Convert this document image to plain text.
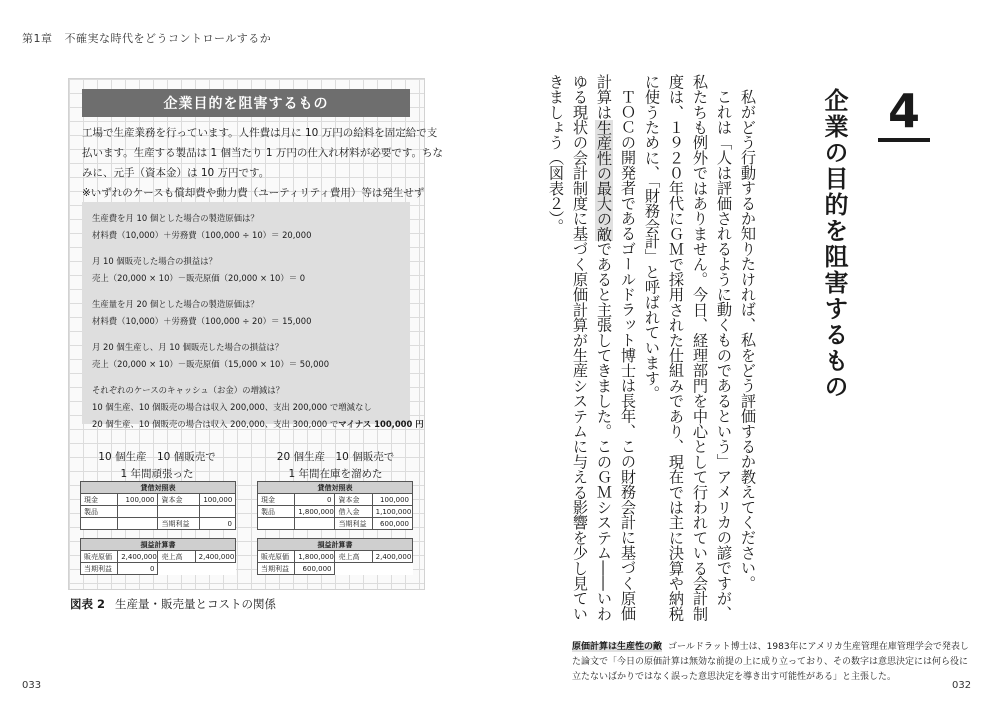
第1章 不確実な時代をどうコントロールするか
企業目的を阻害するもの
工場で生産業務を行っています。人件費は月に 10 万円の給料を固定給で支
払います。生産する製品は 1 個当たり 1 万円の仕入れ材料が必要です。ちな
みに、元手（資本金）は 10 万円です。
※いずれのケースも償却費や動力費（ユーティリティ費用）等は発生せず
生産費を月 10 個とした場合の製造原価は？
材料費（10,000）＋労務費（100,000 ÷ 10）＝ 20,000
月 10 個販売した場合の損益は？
売上（20,000 × 10）－販売原価（20,000 × 10）＝ 0
生産量を月 20 個とした場合の製造原価は？
材料費（10,000）＋労務費（100,000 ÷ 20）＝ 15,000
月 20 個生産し、月 10 個販売した場合の損益は？
売上（20,000 × 10）－販売原価（15,000 × 10）＝ 50,000
それぞれのケースのキャッシュ（お金）の増減は？
10 個生産、10 個販売の場合は収入 200,000、支出 200,000 で増減なし
20 個生産、10 個販売の場合は収入 200,000、支出 300,000 でマイナス 100,000 円
10 個生産　10 個販売で
1 年間頑張った
20 個生産　10 個販売で
1 年間在庫を溜めた
貸借対照表			
現金	100,000	資本金	100,000
製品			
		当期利益	0
損益計算書			
販売原価	2,400,000	売上高	2,400,000
当期利益	0		
貸借対照表			
現金	0	資本金	100,000
製品	1,800,000	借入金	1,100,000
		当期利益	600,000
損益計算書			
販売原価	1,800,000	売上高	2,400,000
当期利益	600,000		
図表 2 生産量・販売量とコストの関係
033	032
4
企業の目的を阻害するもの

私がどう行動するか知りたければ、私をどう評価するか教えてください。

これは「人は評価されるように動くものであるという」アメリカの諺ですが、私たちも例外ではありません。今日、経理部門を中心として行われている会計制度は、１９２０年代にＧＭで採用された仕組みであり、現在では主に決算や納税に使うために、「財務会計」と呼ばれています。

ＴＯＣの開発者であるゴールドラット博士は長年、この財務会計に基づく原価計算は生産性の最大の敵であると主張してきました。このＧＭシステム――いわゆる現状の会計制度に基づく原価計算が生産システムに与える影響を少し見ていきましょう（図表２）。

原価計算は生産性の敵 ゴールドラット博士は、1983年にアメリカ生産管理在庫管理学会で発表した論文で「今日の原価計算は無効な前提の上に成り立っており、その数字は意思決定には何ら役に立たないばかりではなく誤った意思決定を導き出す可能性がある」と主張した。
